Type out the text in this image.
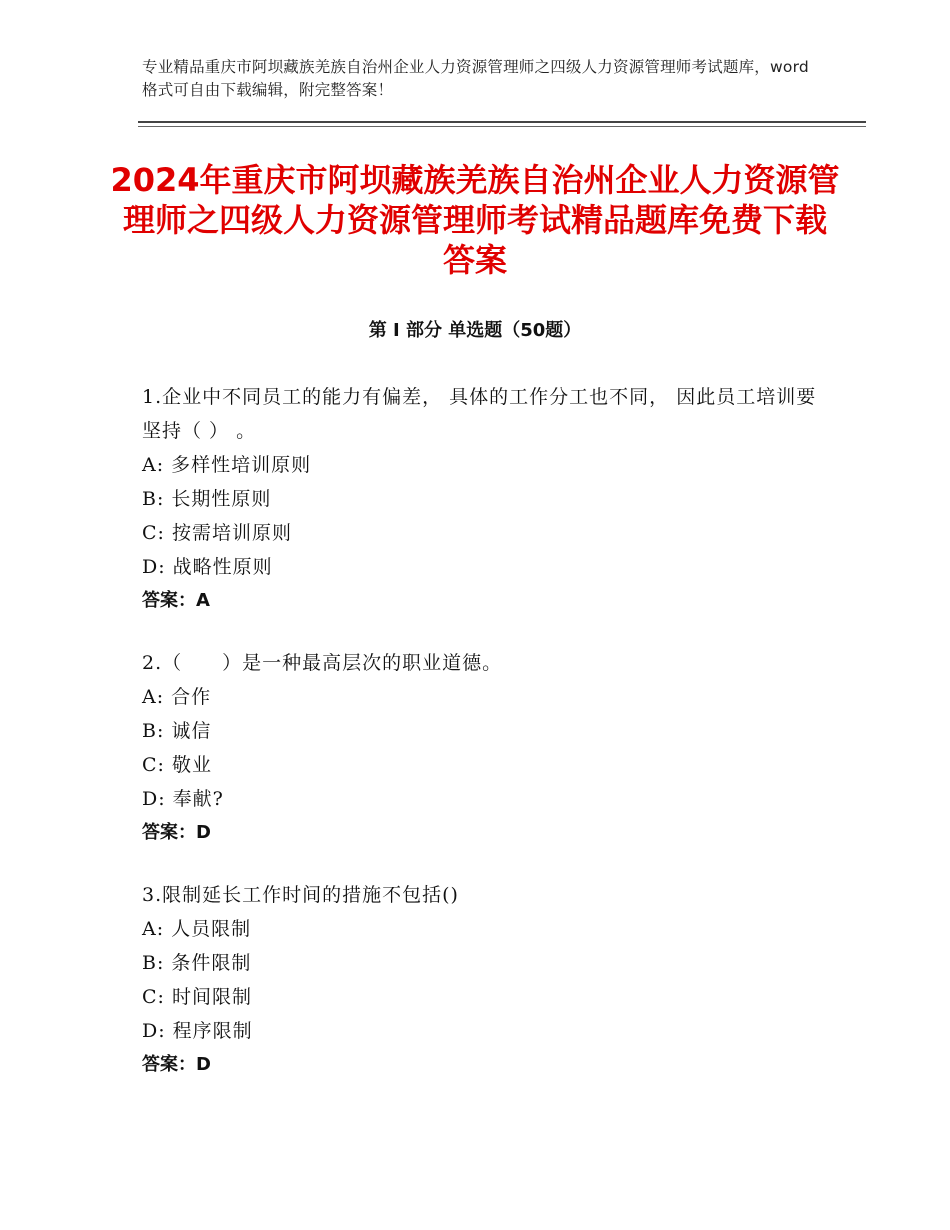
专业精品重庆市阿坝藏族羌族自治州企业人力资源管理师之四级人力资源管理师考试题库，word格式可自由下载编辑，附完整答案！
2024年重庆市阿坝藏族羌族自治州企业人力资源管理师之四级人力资源管理师考试精品题库免费下载答案
第 I 部分 单选题（50题）
1.企业中不同员工的能力有偏差， 具体的工作分工也不同， 因此员工培训要坚持（ ） 。
A: 多样性培训原则
B: 长期性原则
C: 按需培训原则
D: 战略性原则
答案：A
2.（　　）是一种最高层次的职业道德。
A: 合作
B: 诚信
C: 敬业
D: 奉献?
答案：D
3.限制延长工作时间的措施不包括()
A: 人员限制
B: 条件限制
C: 时间限制
D: 程序限制
答案：D
